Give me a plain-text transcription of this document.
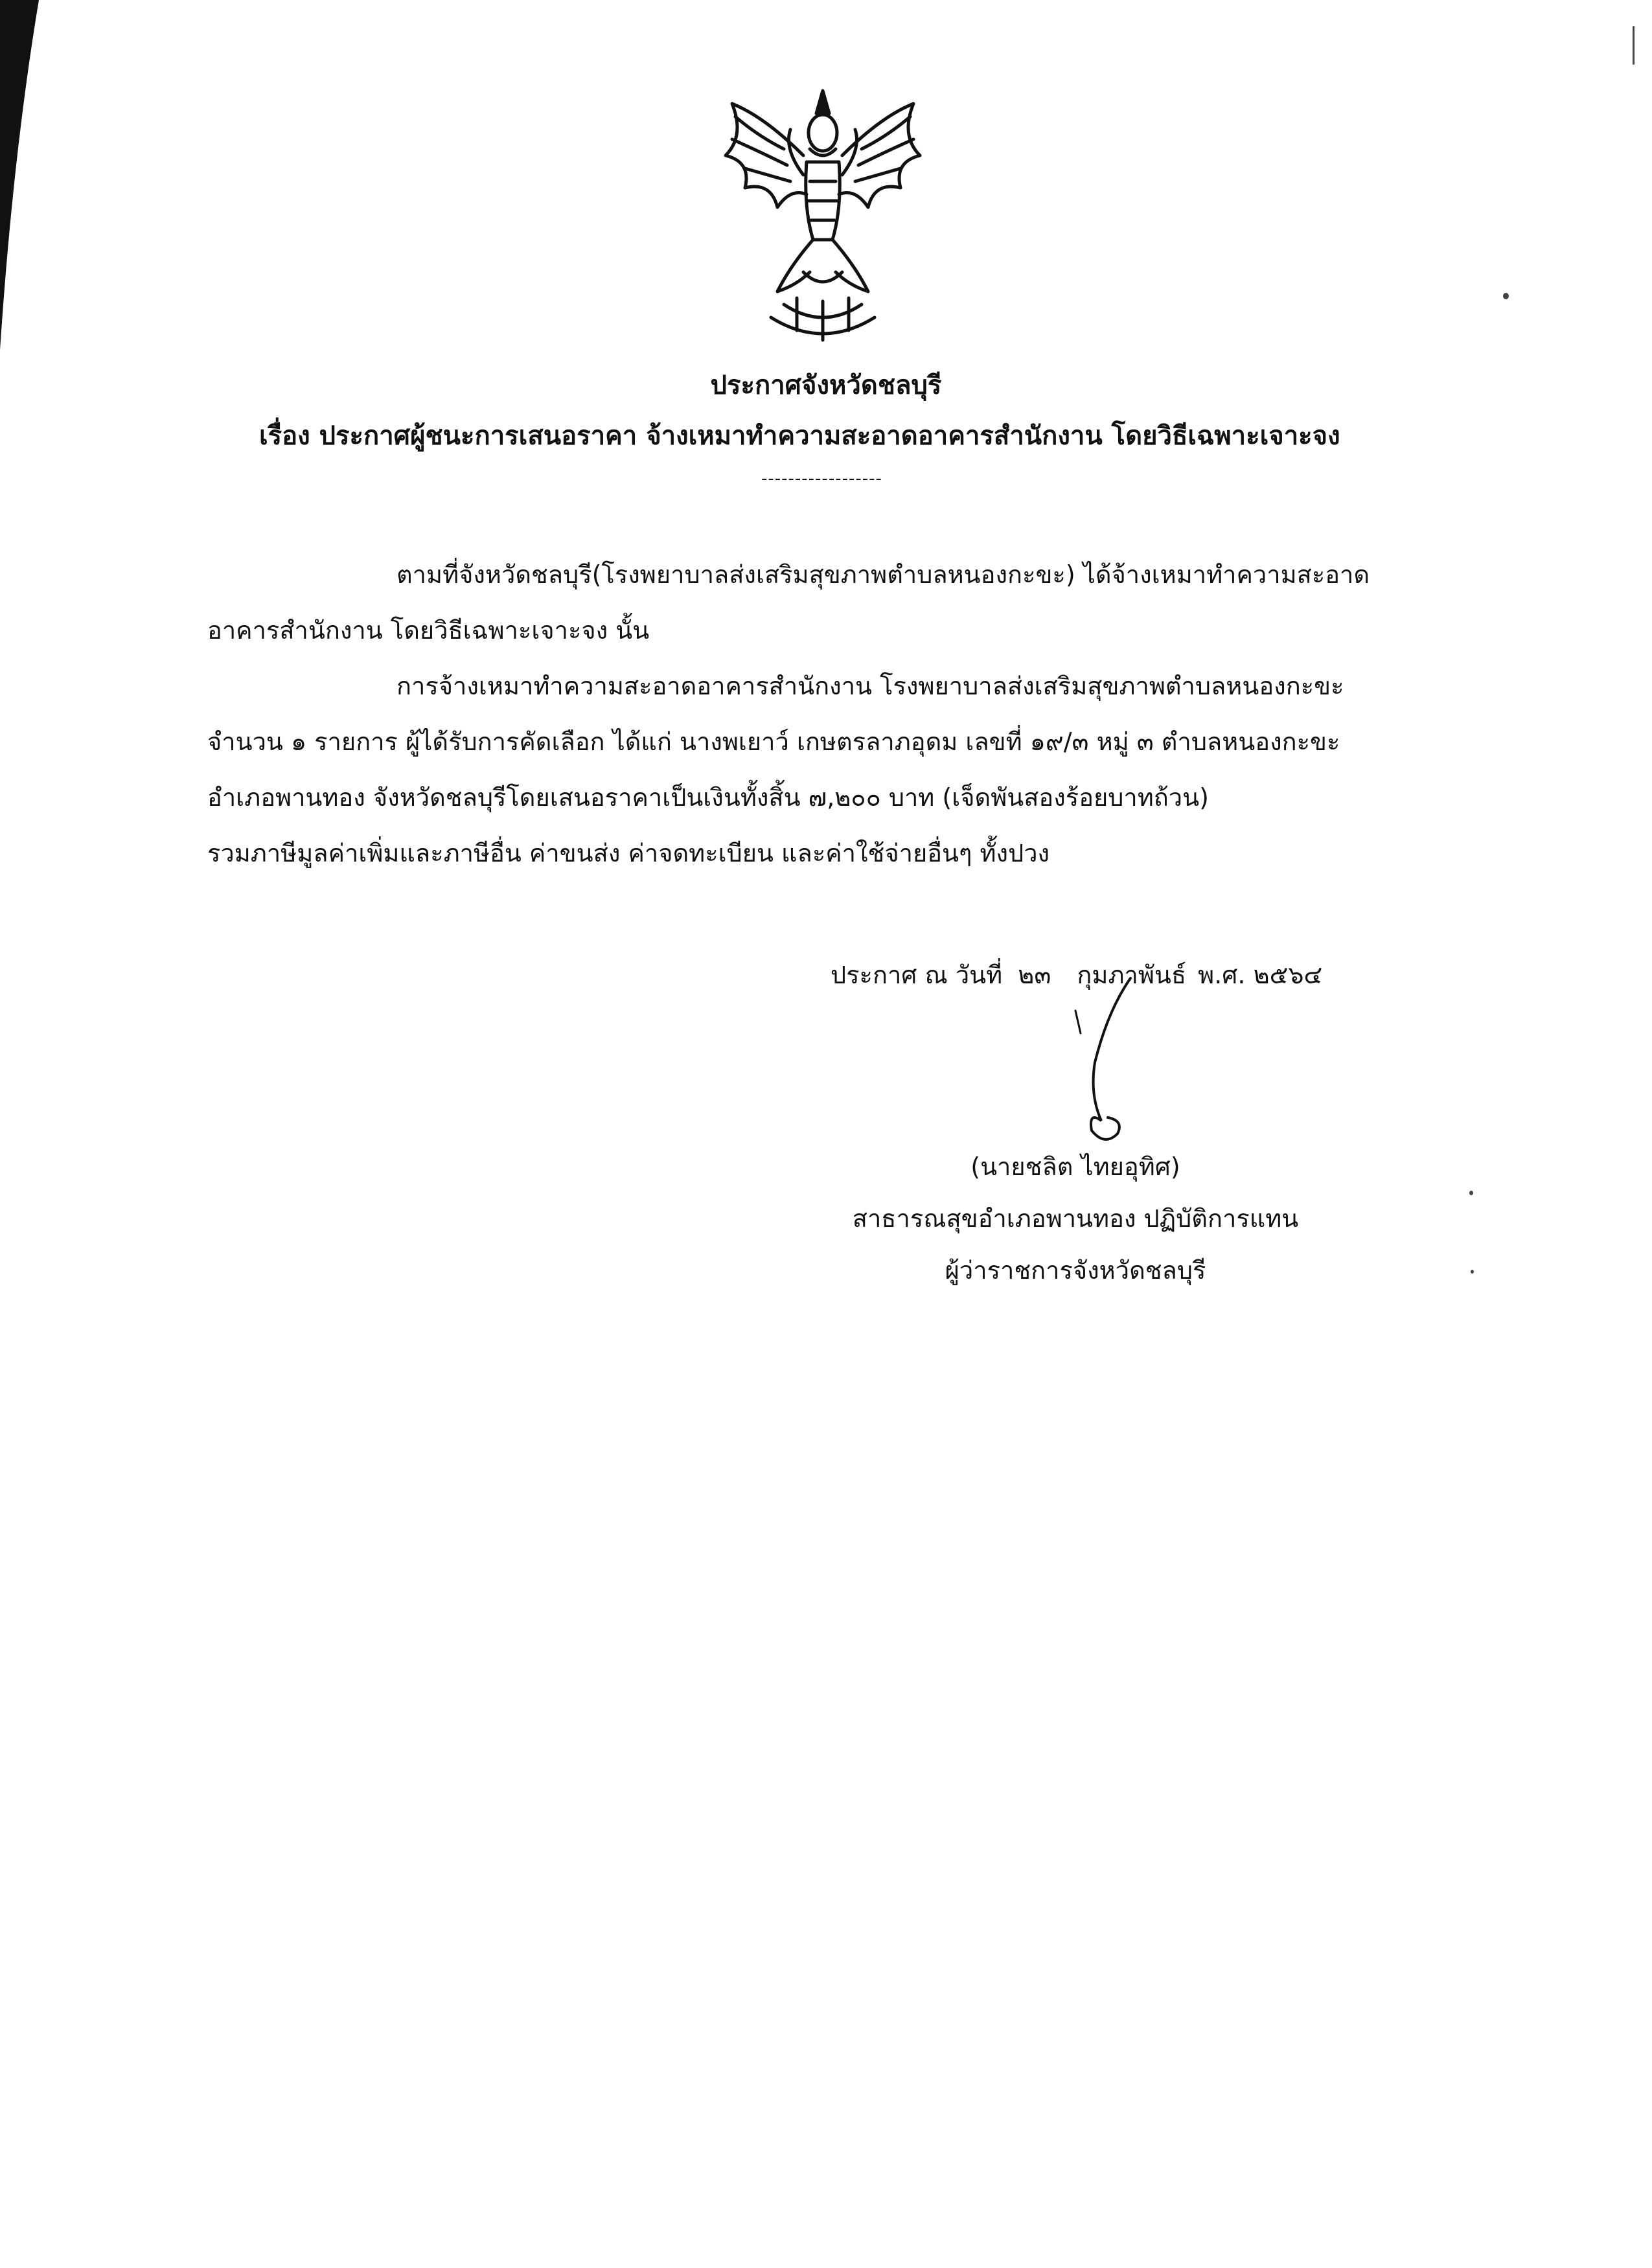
ประกาศจังหวัดชลบุรี
เรื่อง ประกาศผู้ชนะการเสนอราคา จ้างเหมาทำความสะอาดอาคารสำนักงาน โดยวิธีเฉพาะเจาะจง
------------------
ตามที่จังหวัดชลบุรี(โรงพยาบาลส่งเสริมสุขภาพตำบลหนองกะขะ) ได้จ้างเหมาทำความสะอาด
อาคารสำนักงาน โดยวิธีเฉพาะเจาะจง นั้น
การจ้างเหมาทำความสะอาดอาคารสำนักงาน โรงพยาบาลส่งเสริมสุขภาพตำบลหนองกะขะ
จำนวน ๑ รายการ ผู้ได้รับการคัดเลือก ได้แก่ นางพเยาว์ เกษตรลาภอุดม เลขที่ ๑๙/๓ หมู่ ๓ ตำบลหนองกะขะ
อำเภอพานทอง จังหวัดชลบุรีโดยเสนอราคาเป็นเงินทั้งสิ้น ๗,๒๐๐ บาท (เจ็ดพันสองร้อยบาทถ้วน)
รวมภาษีมูลค่าเพิ่มและภาษีอื่น ค่าขนส่ง ค่าจดทะเบียน และค่าใช้จ่ายอื่นๆ ทั้งปวง
ประกาศ ณ วันที่ ๒๓ กุมภาพันธ์ พ.ศ. ๒๕๖๔
(นายชลิต ไทยอุทิศ)
สาธารณสุขอำเภอพานทอง ปฏิบัติการแทน
ผู้ว่าราชการจังหวัดชลบุรี
